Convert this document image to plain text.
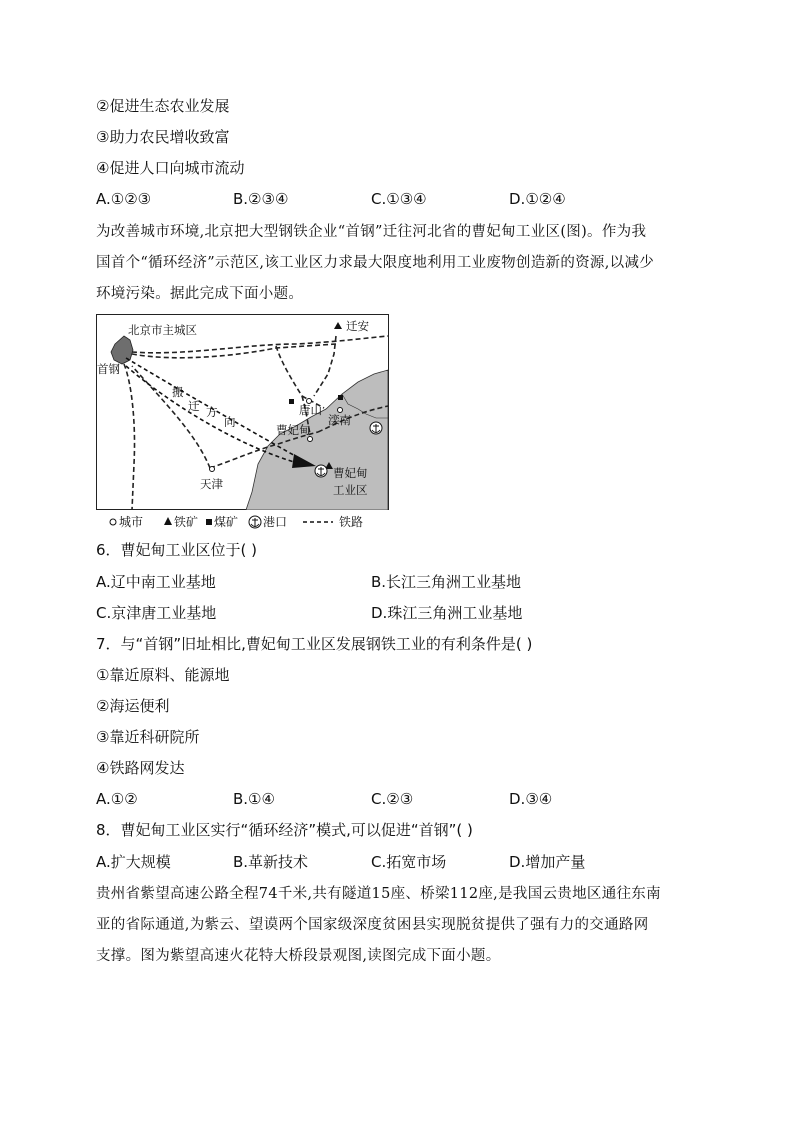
②促进生态农业发展
③助力农民增收致富
④促进人口向城市流动
A.①②③	B.②③④	C.①③④	D.①②④
为改善城市环境,北京把大型钢铁企业“首钢”迁往河北省的曹妃甸工业区(图)。作为我
国首个“循环经济”示范区,该工业区力求最大限度地利用工业废物创造新的资源,以减少
环境污染。据此完成下面小题。
北京市主城区
首钢
迁安
搬
迁 方
向
唐山
滦南
曹妃甸
曹妃甸
工业区
天津
城市	铁矿 煤矿 港口	铁路
6．曹妃甸工业区位于( )
A.辽中南工业基地	B.长江三角洲工业基地
C.京津唐工业基地	D.珠江三角洲工业基地
7．与“首钢”旧址相比,曹妃甸工业区发展钢铁工业的有利条件是( )
①靠近原料、能源地
②海运便利
③靠近科研院所
④铁路网发达
A.①②	B.①④	C.②③	D.③④
8．曹妃甸工业区实行“循环经济”模式,可以促进“首钢”( )
A.扩大规模	B.革新技术	C.拓宽市场	D.增加产量
贵州省紫望高速公路全程74千米,共有隧道15座、桥梁112座,是我国云贵地区通往东南
亚的省际通道,为紫云、望谟两个国家级深度贫困县实现脱贫提供了强有力的交通路网
支撑。图为紫望高速火花特大桥段景观图,读图完成下面小题。
